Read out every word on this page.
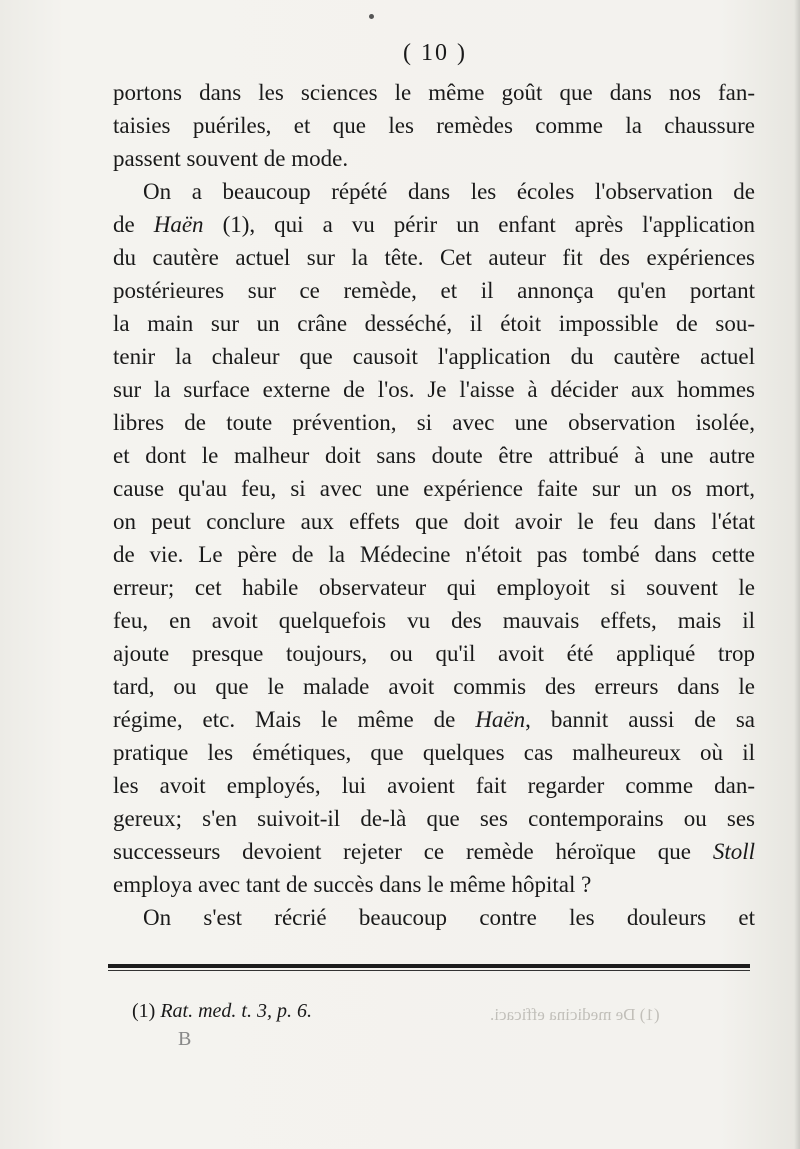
( 10 )
portons dans les sciences le même goût que dans nos fan-
taisies puériles, et que les remèdes comme la chaussure
passent souvent de mode.
On a beaucoup répété dans les écoles l'observation de
de Haën (1), qui a vu périr un enfant après l'application
du cautère actuel sur la tête. Cet auteur fit des expériences
postérieures sur ce remède, et il annonça qu'en portant
la main sur un crâne desséché, il étoit impossible de sou-
tenir la chaleur que causoit l'application du cautère actuel
sur la surface externe de l'os. Je l'aisse à décider aux hommes
libres de toute prévention, si avec une observation isolée,
et dont le malheur doit sans doute être attribué à une autre
cause qu'au feu, si avec une expérience faite sur un os mort,
on peut conclure aux effets que doit avoir le feu dans l'état
de vie. Le père de la Médecine n'étoit pas tombé dans cette
erreur; cet habile observateur qui employoit si souvent le
feu, en avoit quelquefois vu des mauvais effets, mais il
ajoute presque toujours, ou qu'il avoit été appliqué trop
tard, ou que le malade avoit commis des erreurs dans le
régime, etc. Mais le même de Haën, bannit aussi de sa
pratique les émétiques, que quelques cas malheureux où il
les avoit employés, lui avoient fait regarder comme dan-
gereux; s'en suivoit-il de-là que ses contemporains ou ses
successeurs devoient rejeter ce remède héroïque que Stoll
employa avec tant de succès dans le même hôpital ?
On s'est récrié beaucoup contre les douleurs et
(1) Rat. med. t. 3, p. 6.
B
(1) De medicina efficaci.
